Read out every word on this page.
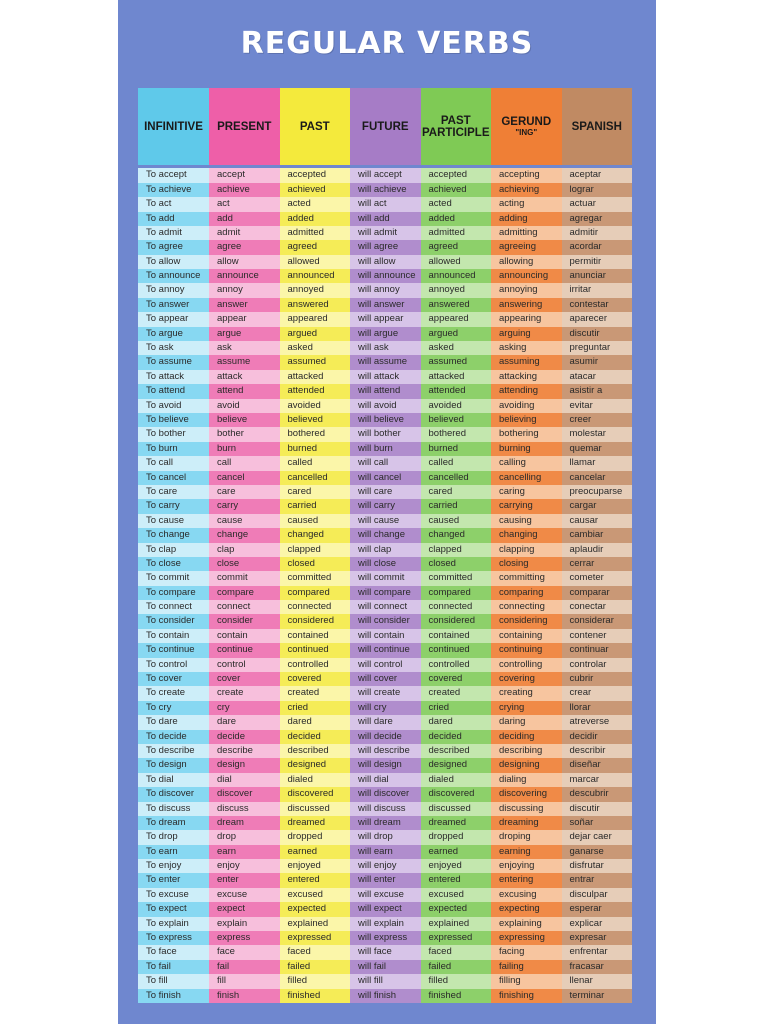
REGULAR VERBS
INFINITIVE
To accept
To achieve
To act
To add
To admit
To agree
To allow
To announce
To annoy
To answer
To appear
To argue
To ask
To assume
To attack
To attend
To avoid
To believe
To bother
To burn
To call
To cancel
To care
To carry
To cause
To change
To clap
To close
To commit
To compare
To connect
To consider
To contain
To continue
To control
To cover
To create
To cry
To dare
To decide
To describe
To design
To dial
To discover
To discuss
To dream
To drop
To earn
To enjoy
To enter
To excuse
To expect
To explain
To express
To face
To fail
To fill
To finish
PRESENT
accept
achieve
act
add
admit
agree
allow
announce
annoy
answer
appear
argue
ask
assume
attack
attend
avoid
believe
bother
burn
call
cancel
care
carry
cause
change
clap
close
commit
compare
connect
consider
contain
continue
control
cover
create
cry
dare
decide
describe
design
dial
discover
discuss
dream
drop
earn
enjoy
enter
excuse
expect
explain
express
face
fail
fill
finish
PAST
accepted
achieved
acted
added
admitted
agreed
allowed
announced
annoyed
answered
appeared
argued
asked
assumed
attacked
attended
avoided
believed
bothered
burned
called
cancelled
cared
carried
caused
changed
clapped
closed
committed
compared
connected
considered
contained
continued
controlled
covered
created
cried
dared
decided
described
designed
dialed
discovered
discussed
dreamed
dropped
earned
enjoyed
entered
excused
expected
explained
expressed
faced
failed
filled
finished
FUTURE
will accept
will achieve
will act
will add
will admit
will agree
will allow
will announce
will annoy
will answer
will appear
will argue
will ask
will assume
will attack
will attend
will avoid
will believe
will bother
will burn
will call
will cancel
will care
will carry
will cause
will change
will clap
will close
will commit
will compare
will connect
will consider
will contain
will continue
will control
will cover
will create
will cry
will dare
will decide
will describe
will design
will dial
will discover
will discuss
will dream
will drop
will earn
will enjoy
will enter
will excuse
will expect
will explain
will express
will face
will fail
will fill
will finish
PAST
PARTICIPLE
accepted
achieved
acted
added
admitted
agreed
allowed
announced
annoyed
answered
appeared
argued
asked
assumed
attacked
attended
avoided
believed
bothered
burned
called
cancelled
cared
carried
caused
changed
clapped
closed
committed
compared
connected
considered
contained
continued
controlled
covered
created
cried
dared
decided
described
designed
dialed
discovered
discussed
dreamed
dropped
earned
enjoyed
entered
excused
expected
explained
expressed
faced
failed
filled
finished
GERUND
"ING"
accepting
achieving
acting
adding
admitting
agreeing
allowing
announcing
annoying
answering
appearing
arguing
asking
assuming
attacking
attending
avoiding
believing
bothering
burning
calling
cancelling
caring
carrying
causing
changing
clapping
closing
committing
comparing
connecting
considering
containing
continuing
controlling
covering
creating
crying
daring
deciding
describing
designing
dialing
discovering
discussing
dreaming
droping
earning
enjoying
entering
excusing
expecting
explaining
expressing
facing
failing
filling
finishing
SPANISH
aceptar
lograr
actuar
agregar
admitir
acordar
permitir
anunciar
irritar
contestar
aparecer
discutir
preguntar
asumir
atacar
asistir a
evitar
creer
molestar
quemar
llamar
cancelar
preocuparse
cargar
causar
cambiar
aplaudir
cerrar
cometer
comparar
conectar
considerar
contener
continuar
controlar
cubrir
crear
llorar
atreverse
decidir
describir
diseñar
marcar
descubrir
discutir
soñar
dejar caer
ganarse
disfrutar
entrar
disculpar
esperar
explicar
expresar
enfrentar
fracasar
llenar
terminar
